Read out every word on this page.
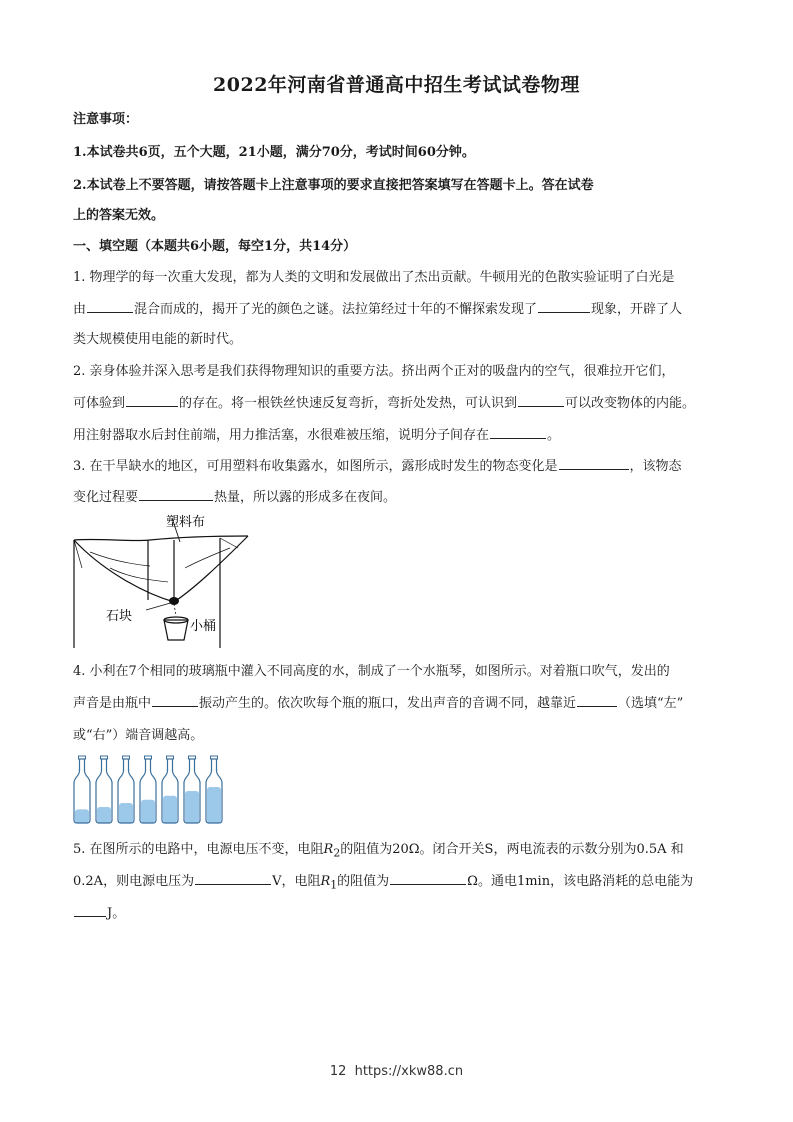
2022年河南省普通高中招生考试试卷物理
注意事项：
1.本试卷共6页，五个大题，21小题，满分70分，考试时间60分钟。
2.本试卷上不要答题，请按答题卡上注意事项的要求直接把答案填写在答题卡上。答在试卷
上的答案无效。
一、填空题（本题共6小题，每空1分，共14分）
1. 物理学的每一次重大发现，都为人类的文明和发展做出了杰出贡献。牛顿用光的色散实验证明了白光是
由	混合而成的，揭开了光的颜色之谜。法拉第经过十年的不懈探索发现了	现象，开辟了人
类大规模使用电能的新时代。
2. 亲身体验并深入思考是我们获得物理知识的重要方法。挤出两个正对的吸盘内的空气，很难拉开它们，
可体验到	的存在。将一根铁丝快速反复弯折，弯折处发热，可认识到	可以改变物体的内能。
用注射器取水后封住前端，用力推活塞，水很难被压缩，说明分子间存在	。
3. 在干旱缺水的地区，可用塑料布收集露水，如图所示，露形成时发生的物态变化是	，该物态
变化过程要	热量，所以露的形成多在夜间。
塑料布
石块
小桶
4. 小利在7个相同的玻璃瓶中灌入不同高度的水，制成了一个水瓶琴，如图所示。对着瓶口吹气，发出的
声音是由瓶中	振动产生的。依次吹每个瓶的瓶口，发出声音的音调不同，越靠近	（选填“左”
或“右”）端音调越高。
5. 在图所示的电路中，电源电压不变，电阻$R_2$的阻值为20Ω。闭合开关S，两电流表的示数分别为0.5A 和
0.2A，则电源电压为	V，电阻$R_1$的阻值为	Ω。通电1min，该电路消耗的总电能为
J。
12 https://xkw88.cn
